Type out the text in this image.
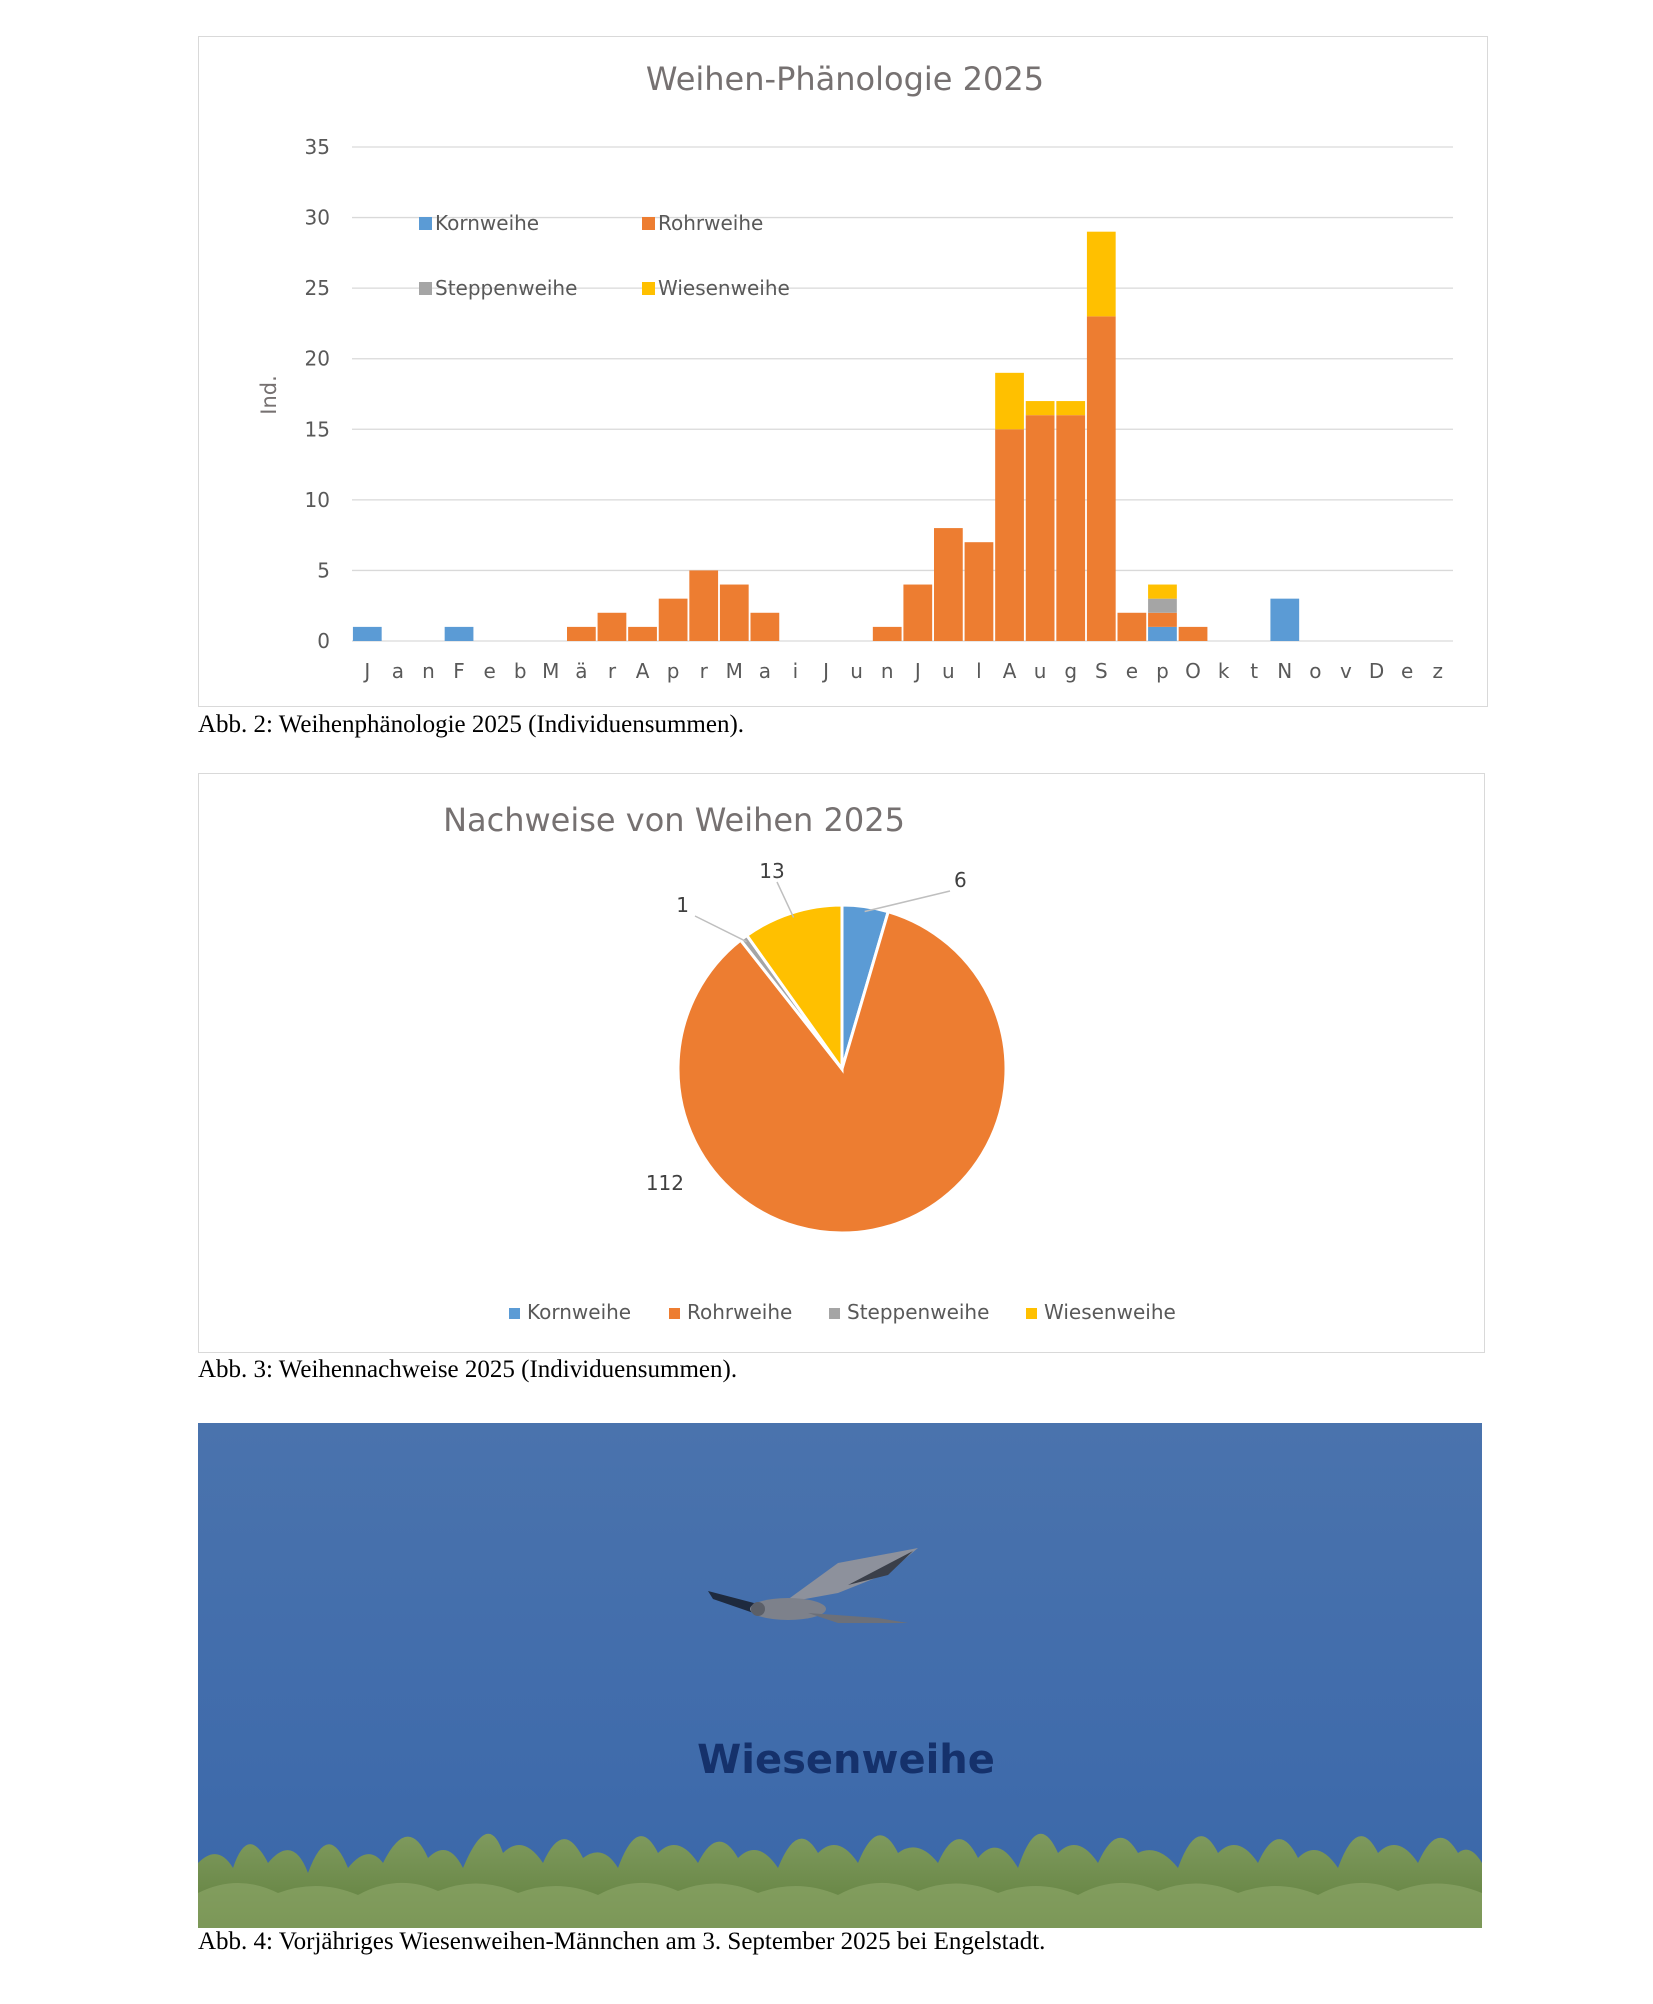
Weihen-Phänologie 2025
Ind.
0
5
10
15
20
25
30
35
J a n F e b M ä r A p r M a i J u n J u l A u g S e p O k t N o v D e z
Kornweihe	Rohrweihe
Steppenweihe	Wiesenweihe
Abb. 2: Weihenphänologie 2025 (Individuensummen).
Nachweise von Weihen 2025
6
112
1
13
Kornweihe	Rohrweihe	Steppenweihe	Wiesenweihe
Abb. 3: Weihennachweise 2025 (Individuensummen).
Wiesenweihe
Abb. 4: Vorjähriges Wiesenweihen-Männchen am 3. September 2025 bei Engelstadt.
